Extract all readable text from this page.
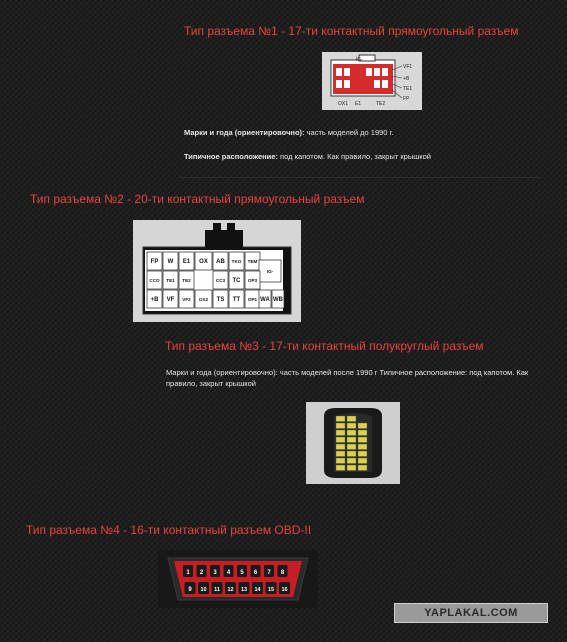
Тип разъема №1 - 17-ти контактный прямоугольный разъем
IG-
VF1
+B
TE1
FP
OX1 E1	TE2
Марки и года (ориентировочно): часть моделей до 1990 г.
Типичное расположение: под капотом. Как правило, закрыт крышкой
Тип разъема №2 - 20-ти контактный прямоугольный разъем
FP W E1 OX AB TKO TEM
IG-
CCO TE1 TE2	CC3 TC OP3
+B VF VF2 OX2 TS TT OP1 WA WB
Тип разъема №3 - 17-ти контактный полукруглый разъем
Марки и года (ориентировочно): часть моделей после 1990 г Типичное расположение: под капотом. Как правило, закрыт крышкой
Тип разъема №4 - 16-ти контактный разъем OBD-II
1 2 3 4 5 6 7 8
9 10 11 12 13 14 15 16
YAPLAKAL.COM
